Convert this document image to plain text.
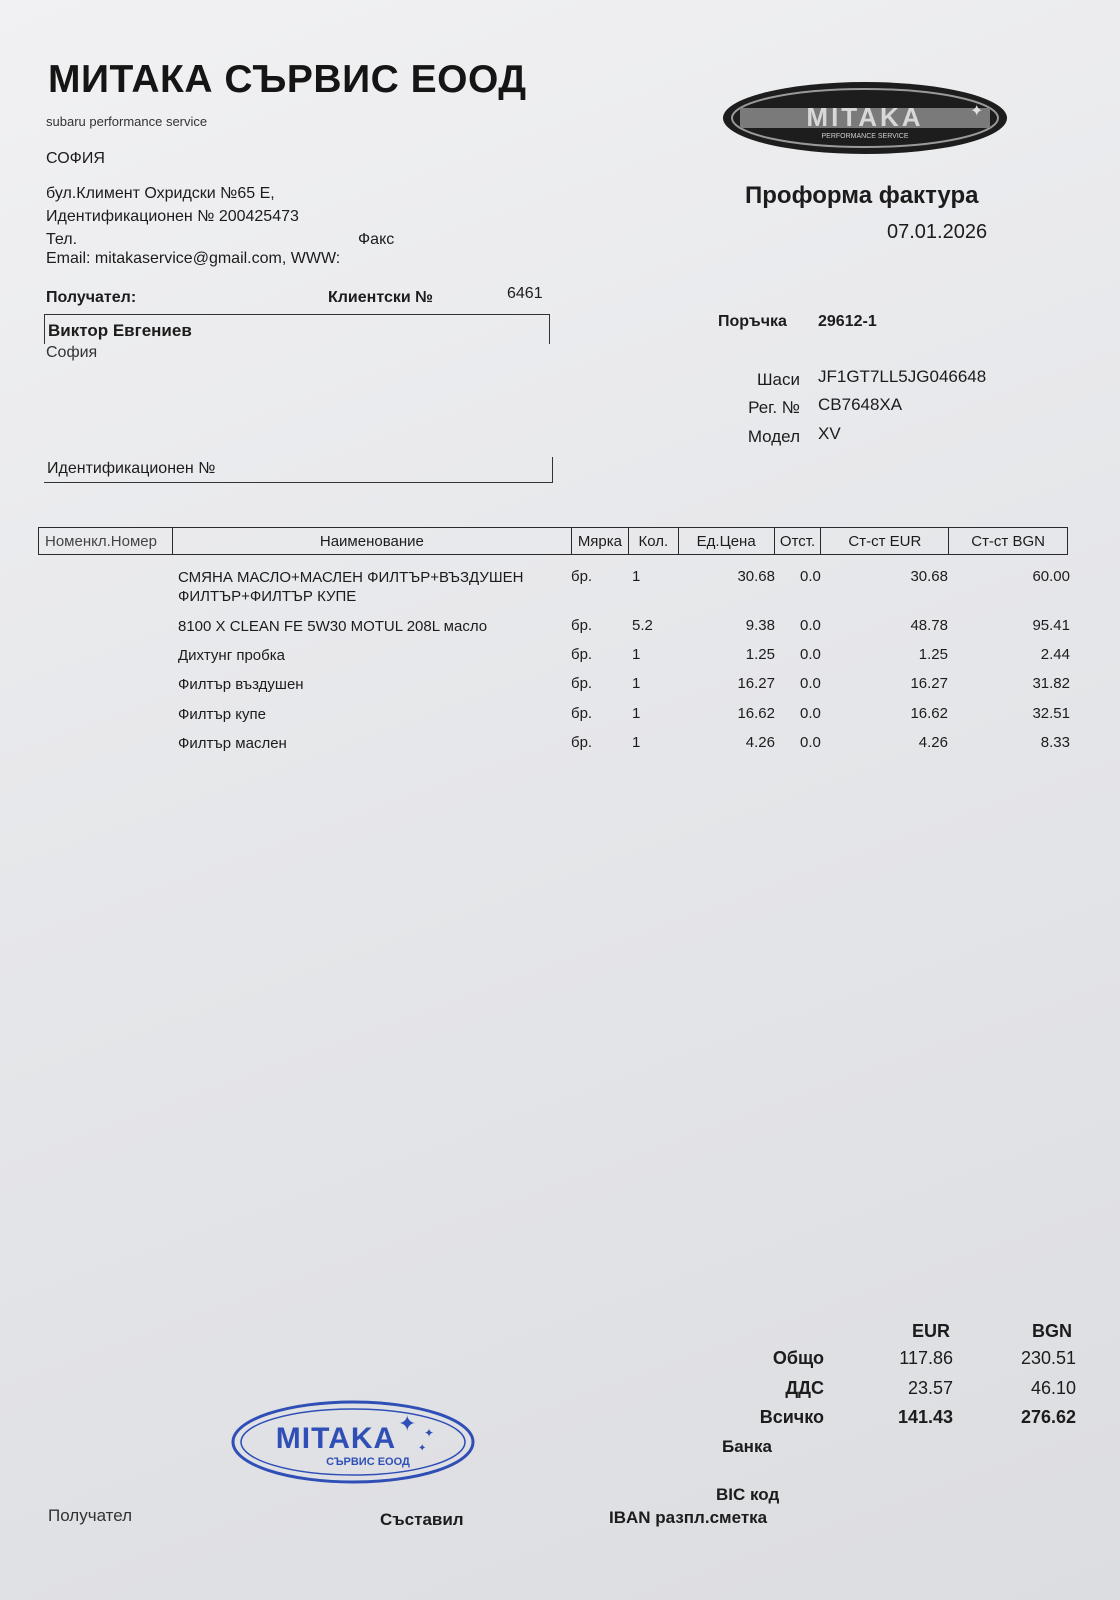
МИТАКА СЪРВИС ЕООД
subaru performance service
СОФИЯ
бул.Климент Охридски №65 Е,
Идентификационен № 200425473
Тел.	Факс
Email: mitakaservice@gmail.com, WWW:
MITAKA
PERFORMANCE SERVICE
✦
Проформа фактура
07.01.2026
Получател:	Клиентски №	6461
Виктор Евгениев
София
Идентификационен №
Поръчка 29612-1
Шаси JF1GT7LL5JG046648
Рег. № СВ7648ХА
Модел XV
Номенкл.Номер	Наименование	Мярка	Кол.	Ед.Цена	Отст.	Ст-ст EUR	Ст-ст BGN
СМЯНА МАСЛО+МАСЛЕН ФИЛТЪР+ВЪЗДУШЕН ФИЛТЪР+ФИЛТЪР КУПЕ
бр.	1	30.68 0.0	30.68	60.00
8100 X CLEAN FE 5W30 MOTUL 208L масло	бр.	5.2	9.38 0.0	48.78	95.41
Дихтунг пробка	бр.	1	1.25 0.0	1.25	2.44
Филтър въздушен	бр.	1	16.27 0.0	16.27	31.82
Филтър купе	бр.	1	16.62 0.0	16.62	32.51
Филтър маслен	бр.	1	4.26 0.0	4.26	8.33
EUR	BGN
Общо	117.86	230.51
ДДС	23.57	46.10
Всичко	141.43	276.62
MITAKA
СЪРВИС ЕООД
✦ ✦
✦	Банка
BIC код
IBAN разпл.сметка
Получател	Съставил
